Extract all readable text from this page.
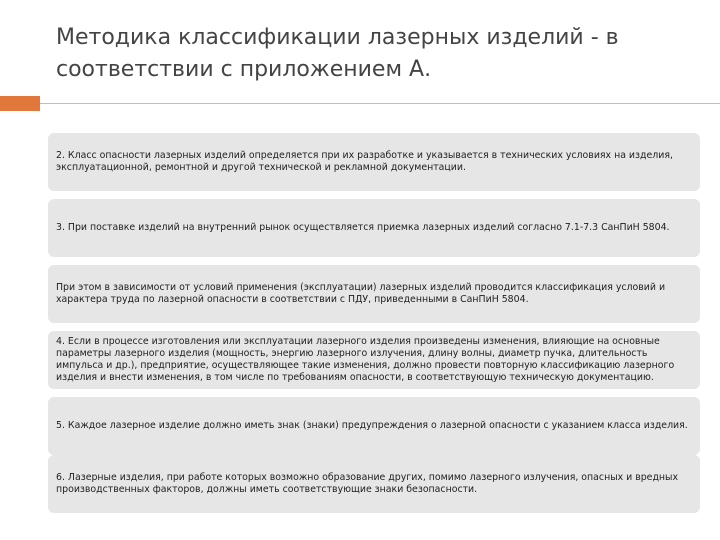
Методика классификации лазерных изделий - в соответствии с приложением А.

2. Класс опасности лазерных изделий определяется при их разработке и указывается в технических условиях на изделия, эксплуатационной, ремонтной и другой технической и рекламной документации.

3. При поставке изделий на внутренний рынок осуществляется приемка лазерных изделий согласно 7.1-7.3 СанПиН 5804.

При этом в зависимости от условий применения (эксплуатации) лазерных изделий проводится классификация условий и характера труда по лазерной опасности в соответствии с ПДУ, приведенными в СанПиН 5804.

4. Если в процессе изготовления или эксплуатации лазерного изделия произведены изменения, влияющие на основные параметры лазерного изделия (мощность, энергию лазерного излучения, длину волны, диаметр пучка, длительность импульса и др.), предприятие, осуществляющее такие изменения, должно провести повторную классификацию лазерного изделия и внести изменения, в том числе по требованиям опасности, в соответствующую техническую документацию.

5. Каждое лазерное изделие должно иметь знак (знаки) предупреждения о лазерной опасности с указанием класса изделия.

6. Лазерные изделия, при работе которых возможно образование других, помимо лазерного излучения, опасных и вредных производственных факторов, должны иметь соответствующие знаки безопасности.
